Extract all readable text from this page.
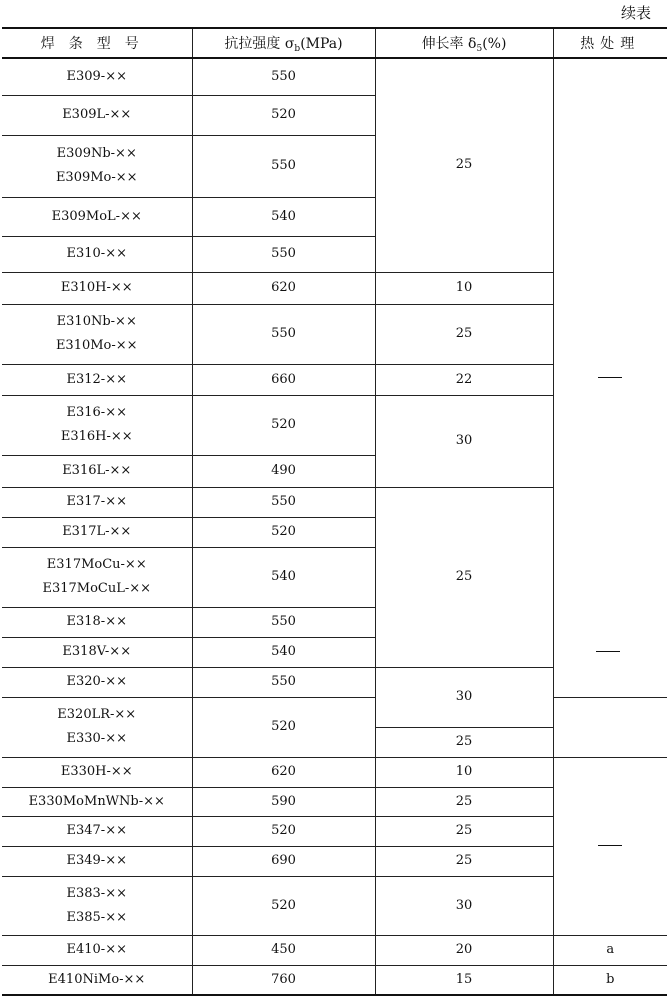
续表
焊条型号	抗拉强度 $\sigma_b(MPa)$	伸长率 $\delta_5(\%)$	热处理

E309-××	550	25	

E309L-××	520		

E309Nb-××
E309Mo-××	550		

E309MoL-××	540		

E310-××	550		

E310H-××	620	10	

E310Nb-××
E310Mo-××	550	25	

E312-××	660	22	

E316-××
E316H-××	520	30	

E316L-××	490		

E317-××	550	25	

E317L-××	520		

E317MoCu-××
E317MoCuL-××	540		

E318-××	550		

E318V-××	540		

E320-××	550	30	

E320LR-××
E330-××	520		
		25	

E330H-××	620	10	

E330MoMnWNb-××	590	25	

E347-××	520	25	

E349-××	690	25	

E383-××
E385-××	520	30	

E410-××	450	20	a

E410NiMo-××	760	15	b
